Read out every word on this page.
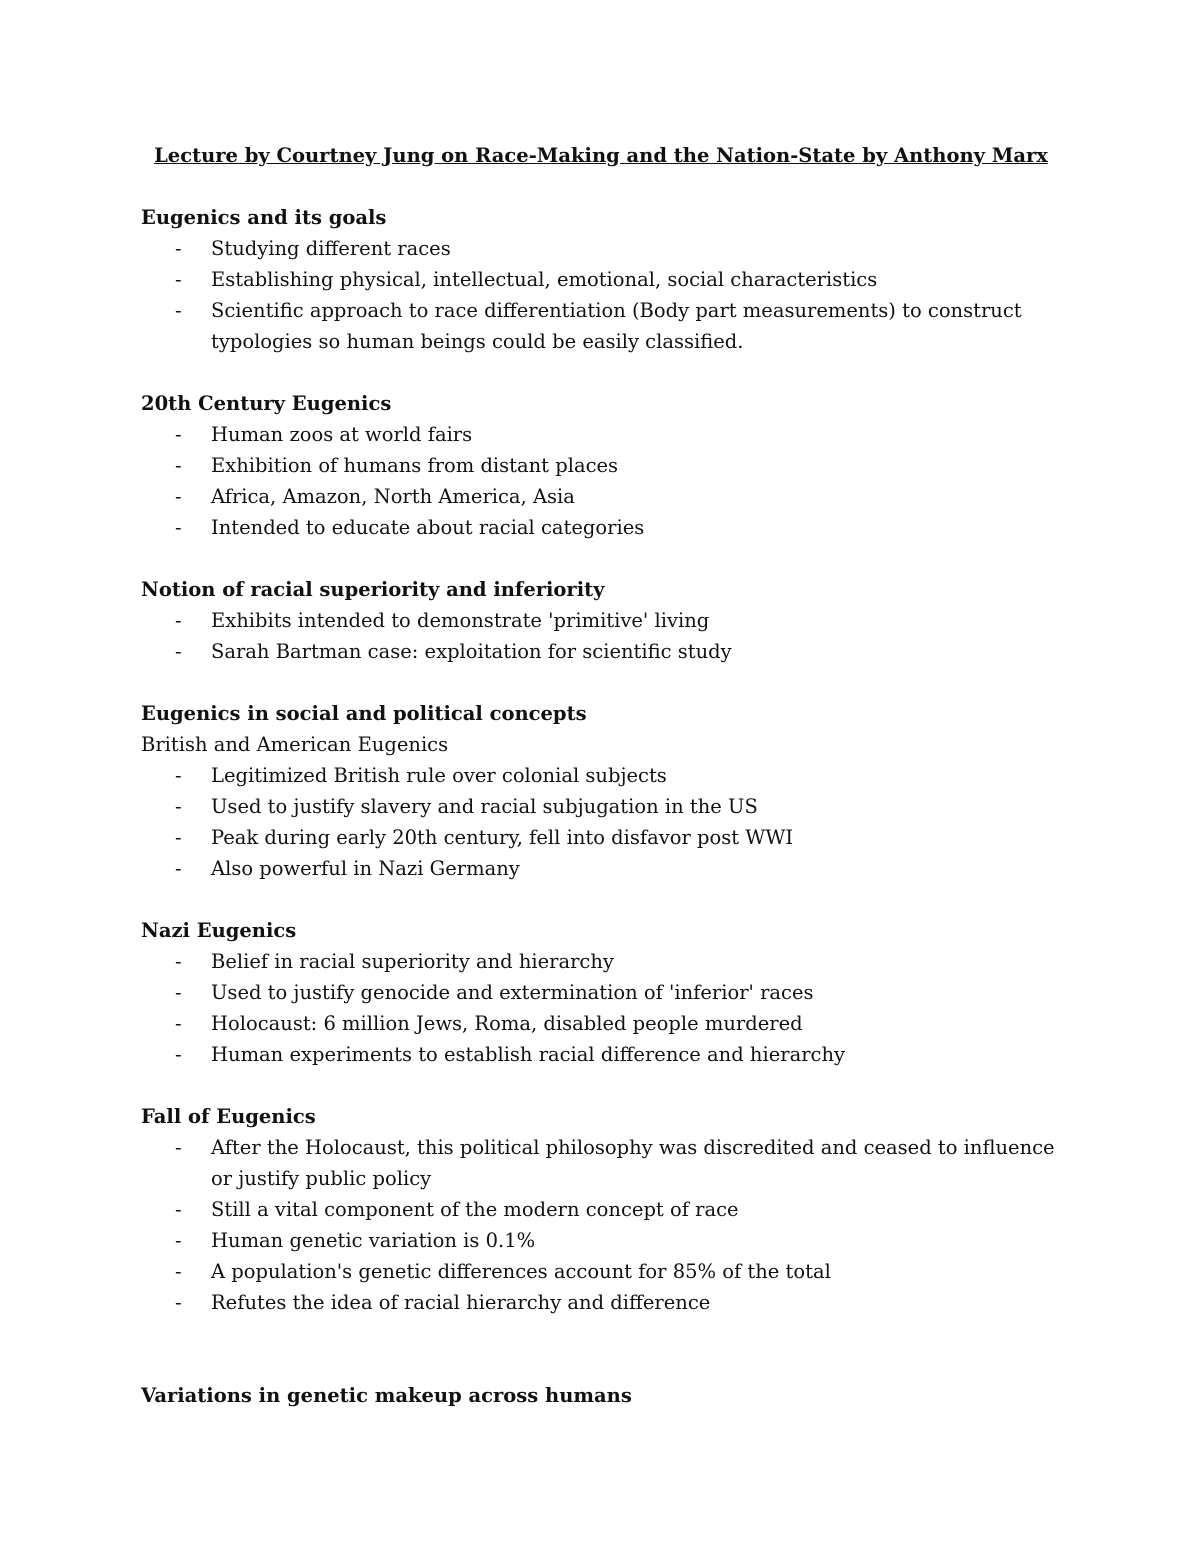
Lecture by Courtney Jung on Race-Making and the Nation-State by Anthony Marx
Eugenics and its goals
- Studying different races
- Establishing physical, intellectual, emotional, social characteristics
- Scientific approach to race differentiation (Body part measurements) to construct typologies so human beings could be easily classified.
20th Century Eugenics
- Human zoos at world fairs
- Exhibition of humans from distant places
- Africa, Amazon, North America, Asia
- Intended to educate about racial categories
Notion of racial superiority and inferiority
- Exhibits intended to demonstrate 'primitive' living
- Sarah Bartman case: exploitation for scientific study
Eugenics in social and political concepts
British and American Eugenics
- Legitimized British rule over colonial subjects
- Used to justify slavery and racial subjugation in the US
- Peak during early 20th century, fell into disfavor post WWI
- Also powerful in Nazi Germany
Nazi Eugenics
- Belief in racial superiority and hierarchy
- Used to justify genocide and extermination of 'inferior' races
- Holocaust: 6 million Jews, Roma, disabled people murdered
- Human experiments to establish racial difference and hierarchy
Fall of Eugenics
- After the Holocaust, this political philosophy was discredited and ceased to influence or justify public policy
- Still a vital component of the modern concept of race
- Human genetic variation is 0.1%
- A population's genetic differences account for 85% of the total
- Refutes the idea of racial hierarchy and difference
Variations in genetic makeup across humans
